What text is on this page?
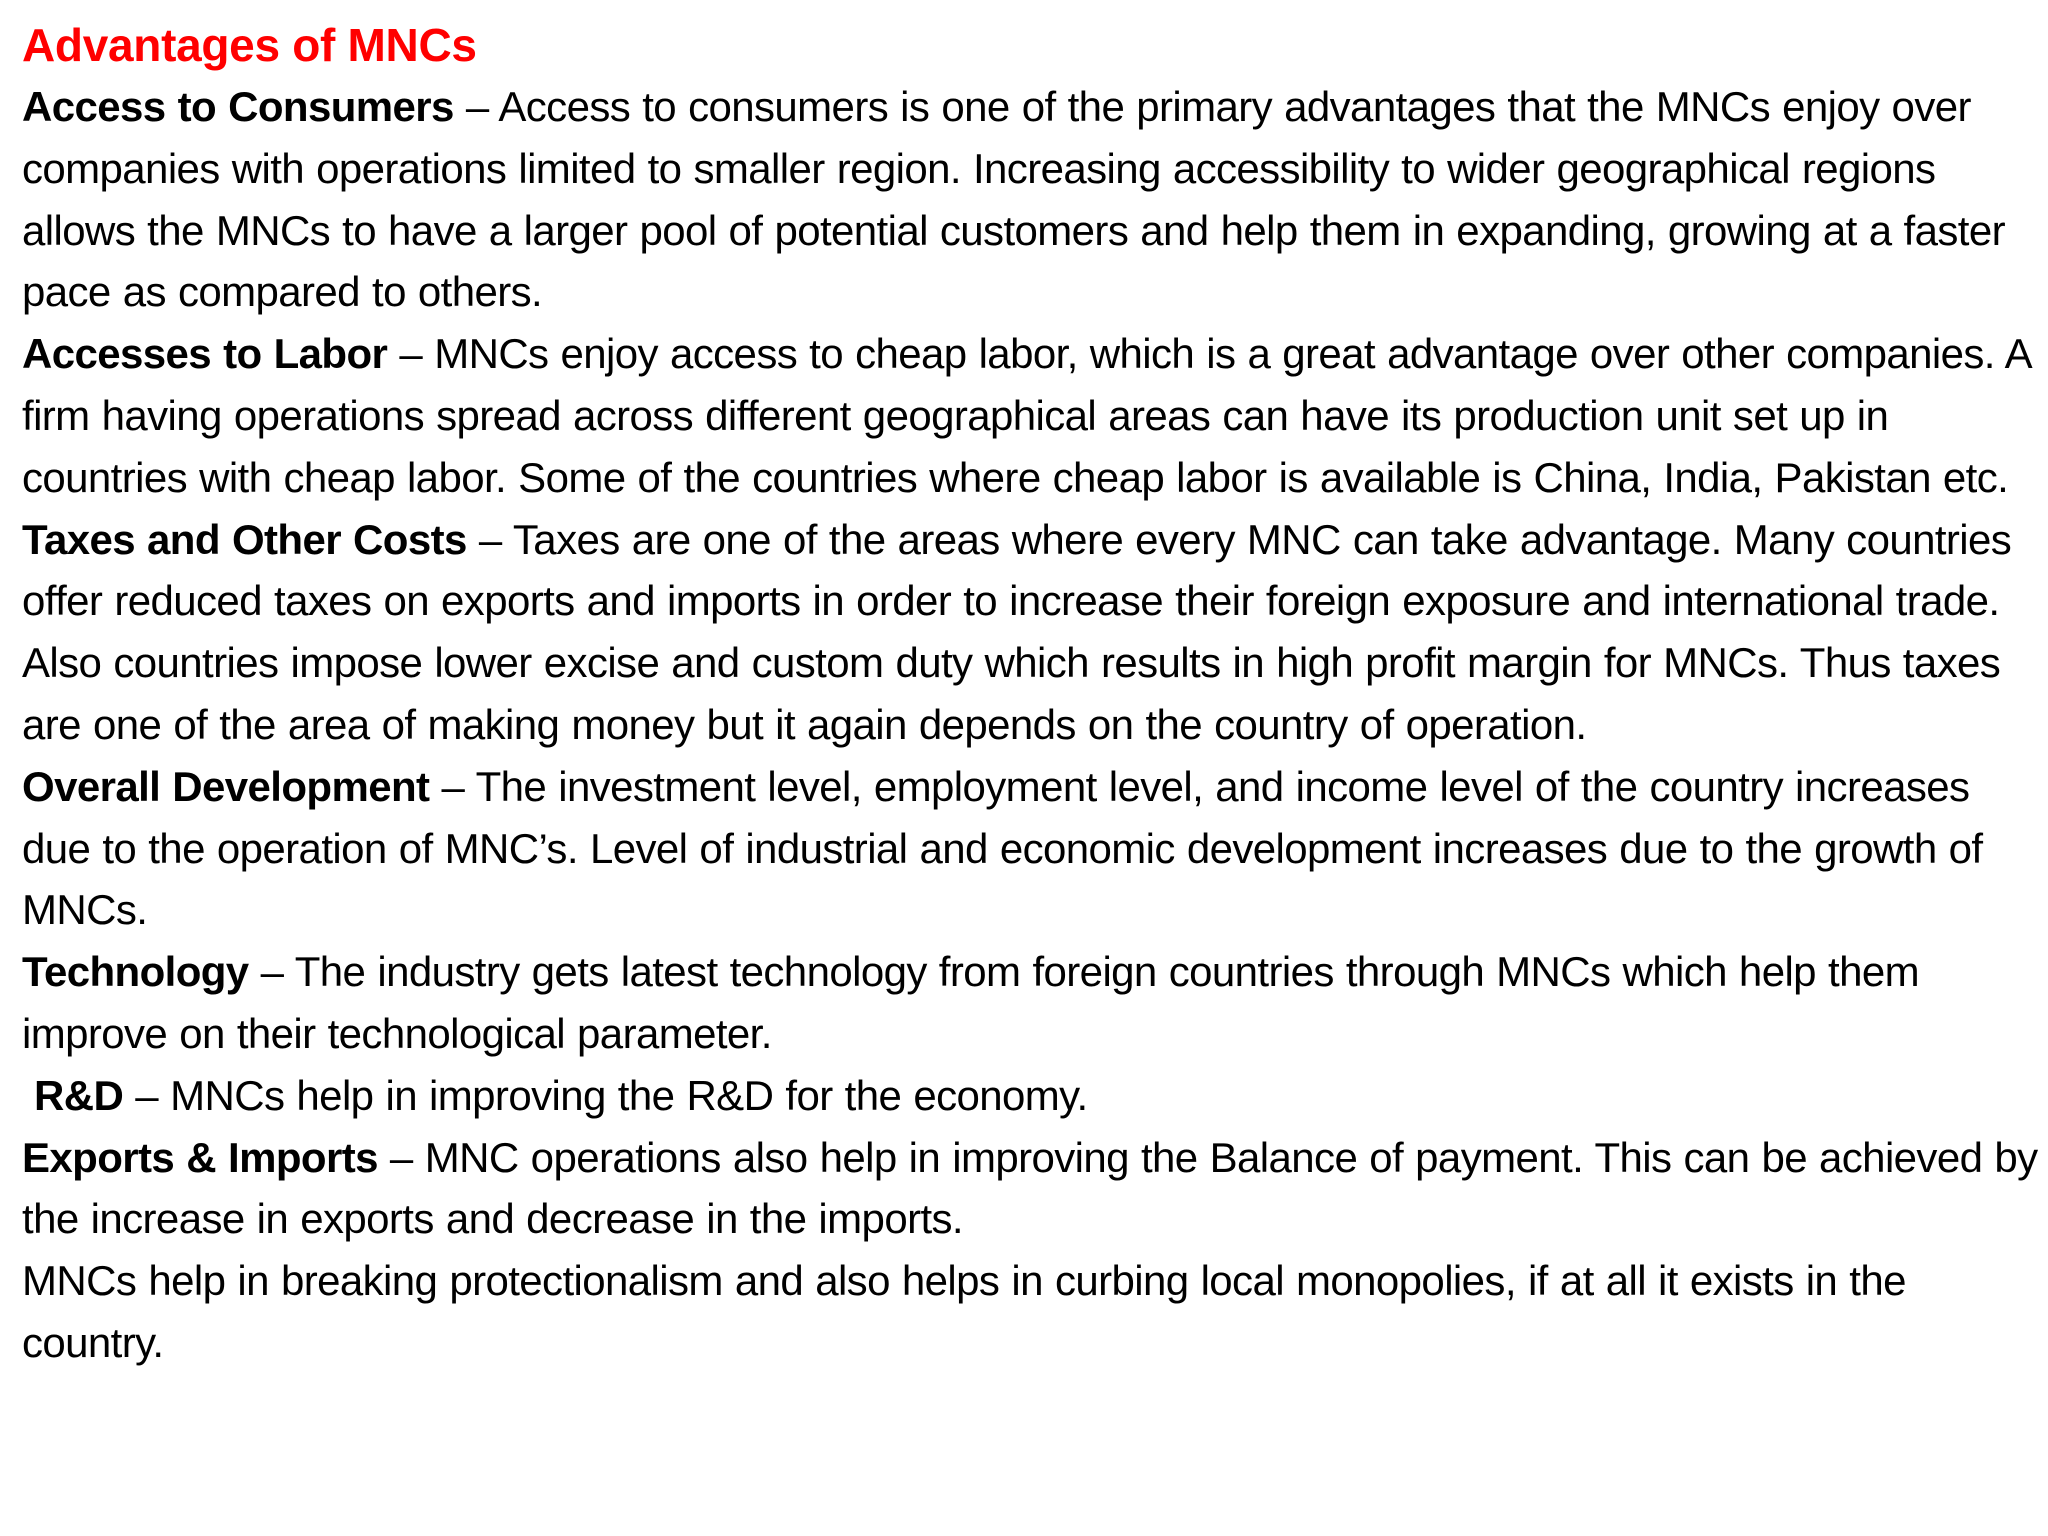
Advantages of MNCs

Access to Consumers – Access to consumers is one of the primary advantages that the MNCs enjoy over companies with operations limited to smaller region. Increasing accessibility to wider geographical regions allows the MNCs to have a larger pool of potential customers and help them in expanding, growing at a faster pace as compared to others.

Accesses to Labor – MNCs enjoy access to cheap labor, which is a great advantage over other companies. A firm having operations spread across different geographical areas can have its production unit set up in countries with cheap labor. Some of the countries where cheap labor is available is China, India, Pakistan etc.

Taxes and Other Costs – Taxes are one of the areas where every MNC can take advantage. Many countries offer reduced taxes on exports and imports in order to increase their foreign exposure and international trade. Also countries impose lower excise and custom duty which results in high profit margin for MNCs. Thus taxes are one of the area of making money but it again depends on the country of operation.

Overall Development – The investment level, employment level, and income level of the country increases due to the operation of MNC’s. Level of industrial and economic development increases due to the growth of MNCs.

Technology – The industry gets latest technology from foreign countries through MNCs which help them improve on their technological parameter.

R&D – MNCs help in improving the R&D for the economy.

Exports & Imports – MNC operations also help in improving the Balance of payment. This can be achieved by the increase in exports and decrease in the imports.

MNCs help in breaking protectionalism and also helps in curbing local monopolies, if at all it exists in the country.
